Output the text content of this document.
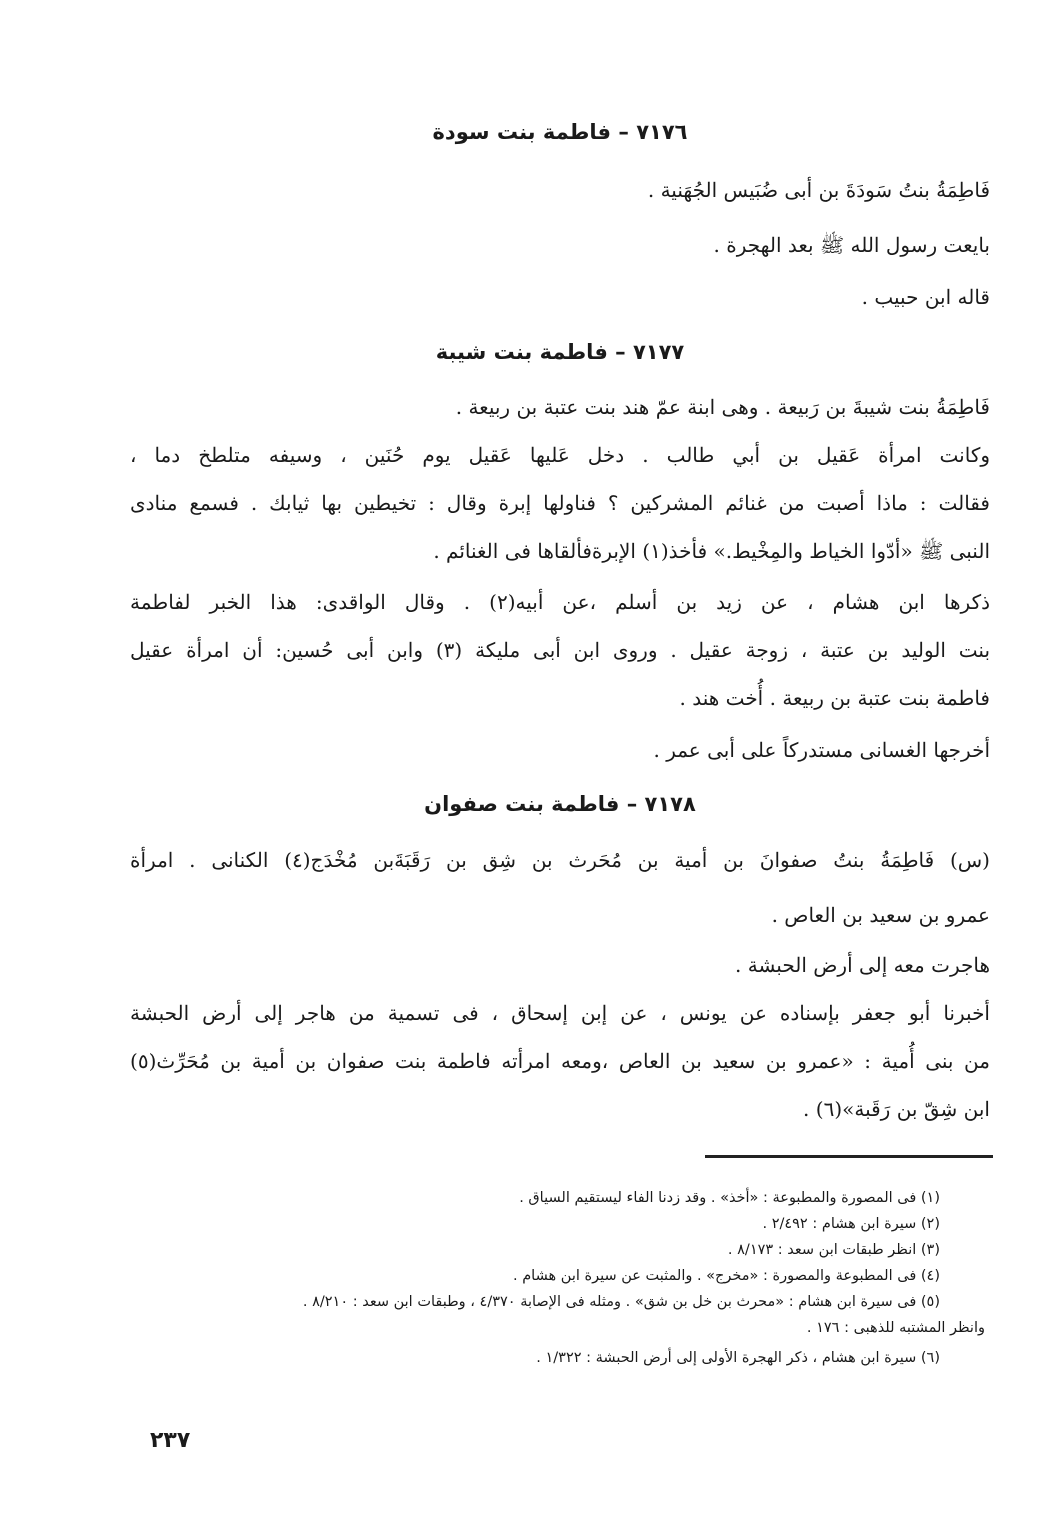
٧١٧٦ – فاطمة بنت سودة
فَاطِمَةُ بنتُ سَودَةَ بن أبى ضُبَيس الجُهَنية .
بايعت رسول الله ﷺ بعد الهجرة .
قاله ابن حبيب .
٧١٧٧ – فاطمة بنت شيبة
فَاطِمَةُ بنت شيبةَ بن رَبيعة . وهى ابنة عمّ هند بنت عتبة بن ربيعة .
وكانت امرأة عَقيل بن أبي طالب . دخل عَليها عَقيل يوم حُنَين ، وسيفه متلطخ دما ،
فقالت : ماذا أصبت من غنائم المشركين ؟ فناولها إبرة وقال : تخيطين بها ثيابك . فسمع منادى
النبى ﷺ «أدّوا الخياط والمِخْيط.» فأخذ(١) الإبرةفألقاها فى الغنائم .
ذكرها ابن هشام ، عن زيد بن أسلم ،عن أبيه(٢) . وقال الواقدى: هذا الخبر لفاطمة
بنت الوليد بن عتبة ، زوجة عقيل . وروى ابن أبى مليكة (٣) وابن أبى حُسين: أن امرأة عقيل
فاطمة بنت عتبة بن ربيعة . أُخت هند .
أخرجها الغسانى مستدركاً على أبى عمر .
٧١٧٨ – فاطمة بنت صفوان
(س) فَاطِمَةُ بنتُ صفوانَ بن أمية بن مُحَرث بن شِق بن رَقَبَةَبن مُخْدَج(٤) الكنانى . امرأة
عمرو بن سعيد بن العاص .
هاجرت معه إلى أرض الحبشة .
أخبرنا أبو جعفر بإسناده عن يونس ، عن إبن إسحاق ، فى تسمية من هاجر إلى أرض الحبشة
من بنى أُمية : «عمرو بن سعيد بن العاص ،ومعه امرأته فاطمة بنت صفوان بن أمية بن مُحَرِّث(٥)
ابن شِقّ بن رَقَبة»(٦) .
(١) فى المصورة والمطبوعة : «أخذ» . وقد زدنا الفاء ليستقيم السياق .
(٢) سيرة ابن هشام : ٢/٤٩٢ .
(٣) انظر طبقات ابن سعد : ٨/١٧٣ .
(٤) فى المطبوعة والمصورة : «مخرج» . والمثبت عن سيرة ابن هشام .
(٥) فى سيرة ابن هشام : «محرث بن خل بن شق» . ومثله فى الإصابة ٤/٣٧٠ ، وطبقات ابن سعد : ٨/٢١٠ .
وانظر المشتبه للذهبى : ١٧٦ .
(٦) سيرة ابن هشام ، ذكر الهجرة الأولى إلى أرض الحبشة : ١/٣٢٢ .
٢٣٧
